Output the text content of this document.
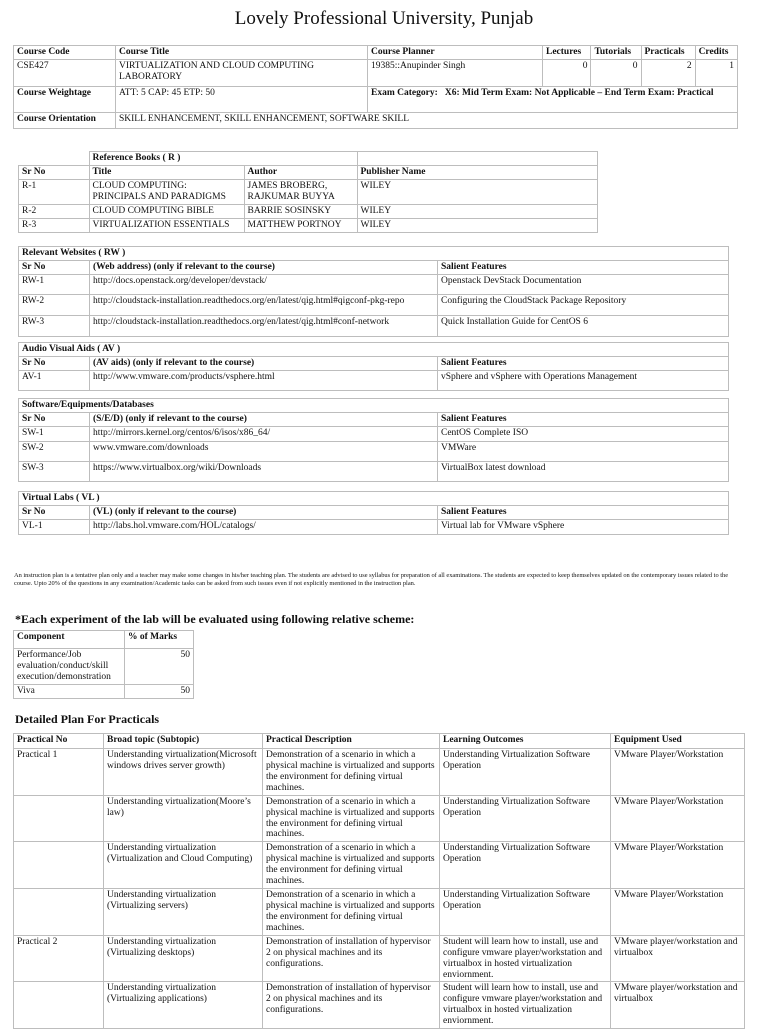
Lovely Professional University, Punjab
Course Code	Course Title	Course Planner	Lectures	Tutorials	Practicals	Credits
CSE427	VIRTUALIZATION AND CLOUD COMPUTING LABORATORY	19385::Anupinder Singh	0	0	2	1
Course Weightage	ATT: 5 CAP: 45 ETP: 50	Exam Category: X6: Mid Term Exam: Not Applicable – End Term Exam: Practical				
Course Orientation	SKILL ENHANCEMENT, SKILL ENHANCEMENT, SOFTWARE SKILL					
	Reference Books ( R )		
Sr No	Title	Author	Publisher Name
R-1	CLOUD COMPUTING: PRINCIPALS AND PARADIGMS	JAMES BROBERG, RAJKUMAR BUYYA	WILEY
R-2	CLOUD COMPUTING BIBLE	BARRIE SOSINSKY	WILEY
R-3	VIRTUALIZATION ESSENTIALS	MATTHEW PORTNOY	WILEY
Relevant Websites ( RW )		
Sr No	(Web address) (only if relevant to the course)	Salient Features
RW-1	http://docs.openstack.org/developer/devstack/	Openstack DevStack Documentation
RW-2	http://cloudstack-installation.readthedocs.org/en/latest/qig.html#qigconf-pkg-repo	Configuring the CloudStack Package Repository
RW-3	http://cloudstack-installation.readthedocs.org/en/latest/qig.html#conf-network	Quick Installation Guide for CentOS 6
Audio Visual Aids ( AV )		
Sr No	(AV aids) (only if relevant to the course)	Salient Features
AV-1	http://www.vmware.com/products/vsphere.html	vSphere and vSphere with Operations Management
Software/Equipments/Databases		
Sr No	(S/E/D) (only if relevant to the course)	Salient Features
SW-1	http://mirrors.kernel.org/centos/6/isos/x86_64/	CentOS Complete ISO
SW-2	www.vmware.com/downloads	VMWare
SW-3	https://www.virtualbox.org/wiki/Downloads	VirtualBox latest download
Virtual Labs ( VL )		
Sr No	(VL) (only if relevant to the course)	Salient Features
VL-1	http://labs.hol.vmware.com/HOL/catalogs/	Virtual lab for VMware vSphere
An instruction plan is a tentative plan only and a teacher may make some changes in his/her teaching plan. The students are advised to use syllabus for preparation of all examinations. The students are expected to keep themselves updated on the contemporary issues related to the course. Upto 20% of the questions in any examination/Academic tasks can be asked from such issues even if not explicitly mentioned in the instruction plan.
*Each experiment of the lab will be evaluated using following relative scheme:
Component	% of Marks
Performance/Job evaluation/conduct/skill execution/demonstration	50
Viva	50
Detailed Plan For Practicals
Practical No	Broad topic (Subtopic)	Practical Description	Learning Outcomes	Equipment Used
Practical 1	Understanding virtualization(Microsoft windows drives server growth)	Demonstration of a scenario in which a physical machine is virtualized and supports the environment for defining virtual machines.	Understanding Virtualization Software Operation	VMware Player/Workstation
	Understanding virtualization(Moore’s law)	Demonstration of a scenario in which a physical machine is virtualized and supports the environment for defining virtual machines.	Understanding Virtualization Software Operation	VMware Player/Workstation
	Understanding virtualization (Virtualization and Cloud Computing)	Demonstration of a scenario in which a physical machine is virtualized and supports the environment for defining virtual machines.	Understanding Virtualization Software Operation	VMware Player/Workstation
	Understanding virtualization (Virtualizing servers)	Demonstration of a scenario in which a physical machine is virtualized and supports the environment for defining virtual machines.	Understanding Virtualization Software Operation	VMware Player/Workstation
Practical 2	Understanding virtualization (Virtualizing desktops)	Demonstration of installation of hypervisor 2 on physical machines and its configurations.	Student will learn how to install, use and configure vmware player/workstation and virtualbox in hosted virtualization enviornment.	VMware player/workstation and virtualbox
	Understanding virtualization (Virtualizing applications)	Demonstration of installation of hypervisor 2 on physical machines and its configurations.	Student will learn how to install, use and configure vmware player/workstation and virtualbox in hosted virtualization enviornment.	VMware player/workstation and virtualbox
